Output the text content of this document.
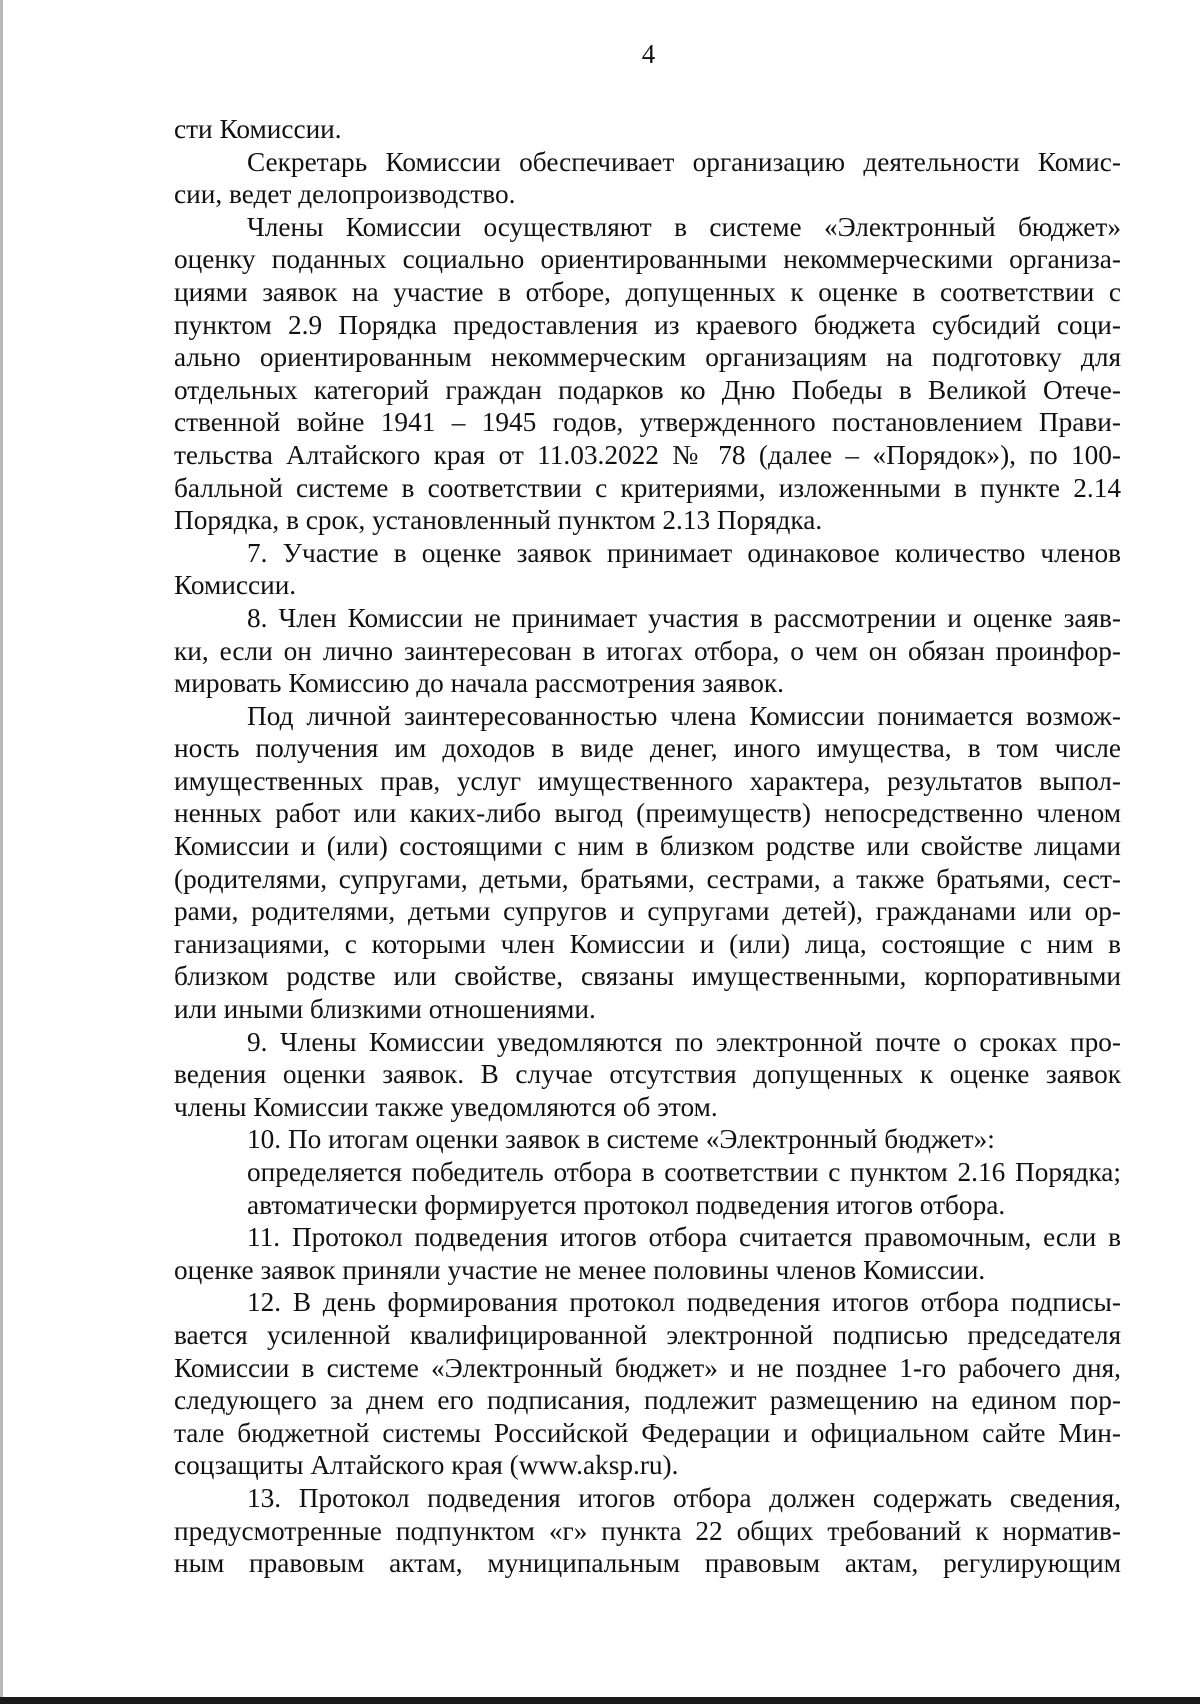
4
сти Комиссии.
Секретарь Комиссии обеспечивает организацию деятельности Комис-
сии, ведет делопроизводство.
Члены Комиссии осуществляют в системе «Электронный бюджет»
оценку поданных социально ориентированными некоммерческими организа-
циями заявок на участие в отборе, допущенных к оценке в соответствии с
пунктом 2.9 Порядка предоставления из краевого бюджета субсидий соци-
ально ориентированным некоммерческим организациям на подготовку для
отдельных категорий граждан подарков ко Дню Победы в Великой Отече-
ственной войне 1941 – 1945 годов, утвержденного постановлением Прави-
тельства Алтайского края от 11.03.2022 № 78 (далее – «Порядок»), по 100-
балльной системе в соответствии с критериями, изложенными в пункте 2.14
Порядка, в срок, установленный пунктом 2.13 Порядка.
7. Участие в оценке заявок принимает одинаковое количество членов
Комиссии.
8. Член Комиссии не принимает участия в рассмотрении и оценке заяв-
ки, если он лично заинтересован в итогах отбора, о чем он обязан проинфор-
мировать Комиссию до начала рассмотрения заявок.
Под личной заинтересованностью члена Комиссии понимается возмож-
ность получения им доходов в виде денег, иного имущества, в том числе
имущественных прав, услуг имущественного характера, результатов выпол-
ненных работ или каких-либо выгод (преимуществ) непосредственно членом
Комиссии и (или) состоящими с ним в близком родстве или свойстве лицами
(родителями, супругами, детьми, братьями, сестрами, а также братьями, сест-
рами, родителями, детьми супругов и супругами детей), гражданами или ор-
ганизациями, с которыми член Комиссии и (или) лица, состоящие с ним в
близком родстве или свойстве, связаны имущественными, корпоративными
или иными близкими отношениями.
9. Члены Комиссии уведомляются по электронной почте о сроках про-
ведения оценки заявок. В случае отсутствия допущенных к оценке заявок
члены Комиссии также уведомляются об этом.
10. По итогам оценки заявок в системе «Электронный бюджет»:
определяется победитель отбора в соответствии с пунктом 2.16 Порядка;
автоматически формируется протокол подведения итогов отбора.
11. Протокол подведения итогов отбора считается правомочным, если в
оценке заявок приняли участие не менее половины членов Комиссии.
12. В день формирования протокол подведения итогов отбора подписы-
вается усиленной квалифицированной электронной подписью председателя
Комиссии в системе «Электронный бюджет» и не позднее 1-го рабочего дня,
следующего за днем его подписания, подлежит размещению на едином пор-
тале бюджетной системы Российской Федерации и официальном сайте Мин-
соцзащиты Алтайского края (www.aksp.ru).
13. Протокол подведения итогов отбора должен содержать сведения,
предусмотренные подпунктом «г» пункта 22 общих требований к норматив-
ным правовым актам, муниципальным правовым актам, регулирующим
